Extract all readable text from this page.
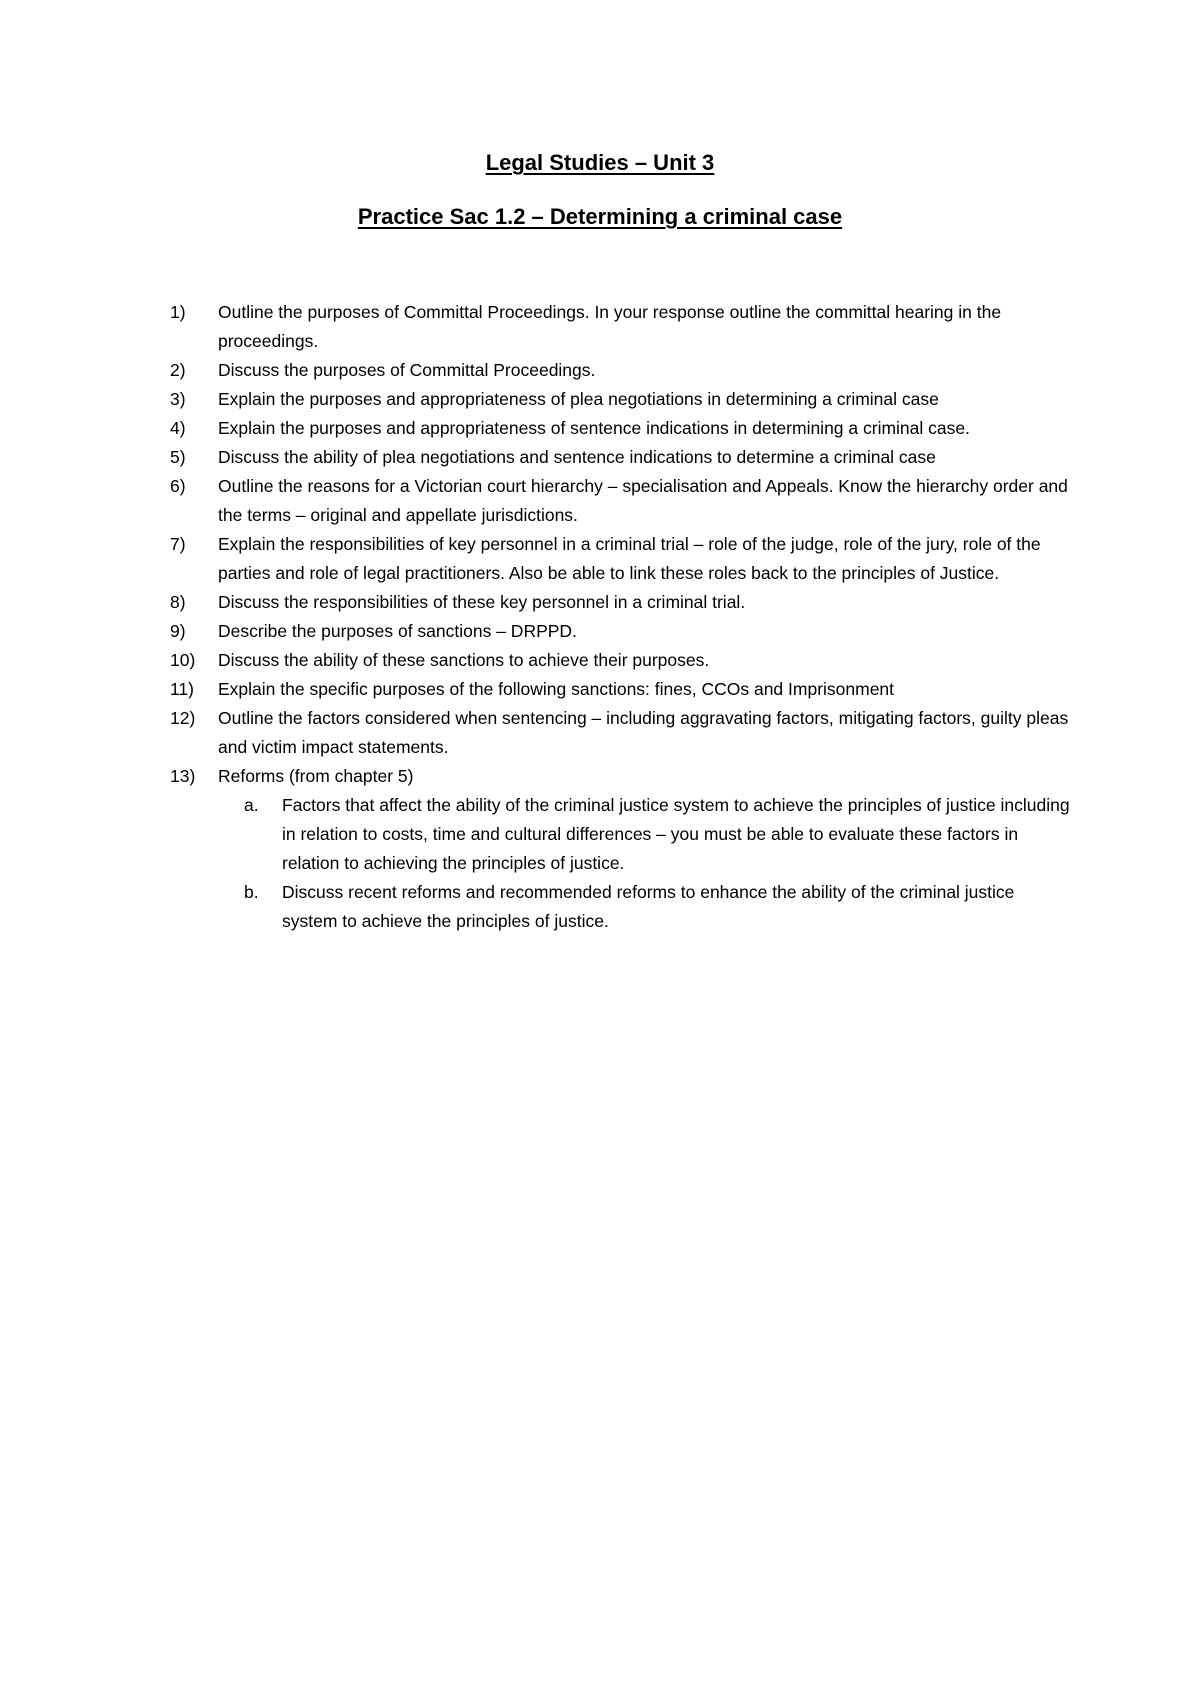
Legal Studies – Unit 3
Practice Sac 1.2 – Determining a criminal case
1)	Outline the purposes of Committal Proceedings. In your response outline the committal hearing in the proceedings.
2)	Discuss the purposes of Committal Proceedings.
3)	Explain the purposes and appropriateness of plea negotiations in determining a criminal case
4)	Explain the purposes and appropriateness of sentence indications in determining a criminal case.
5)	Discuss the ability of plea negotiations and sentence indications to determine a criminal case
6)	Outline the reasons for a Victorian court hierarchy – specialisation and Appeals. Know the hierarchy order and the terms – original and appellate jurisdictions.
7)	Explain the responsibilities of key personnel in a criminal trial – role of the judge, role of the jury, role of the parties and role of legal practitioners. Also be able to link these roles back to the principles of Justice.
8)	Discuss the responsibilities of these key personnel in a criminal trial.
9)	Describe the purposes of sanctions – DRPPD.
10)	Discuss the ability of these sanctions to achieve their purposes.
11)	Explain the specific purposes of the following sanctions: fines, CCOs and Imprisonment
12)	Outline the factors considered when sentencing – including aggravating factors, mitigating factors, guilty pleas and victim impact statements.
13)	Reforms (from chapter 5)
a.	Factors that affect the ability of the criminal justice system to achieve the principles of justice including in relation to costs, time and cultural differences – you must be able to evaluate these factors in relation to achieving the principles of justice.
b.	Discuss recent reforms and recommended reforms to enhance the ability of the criminal justice system to achieve the principles of justice.
